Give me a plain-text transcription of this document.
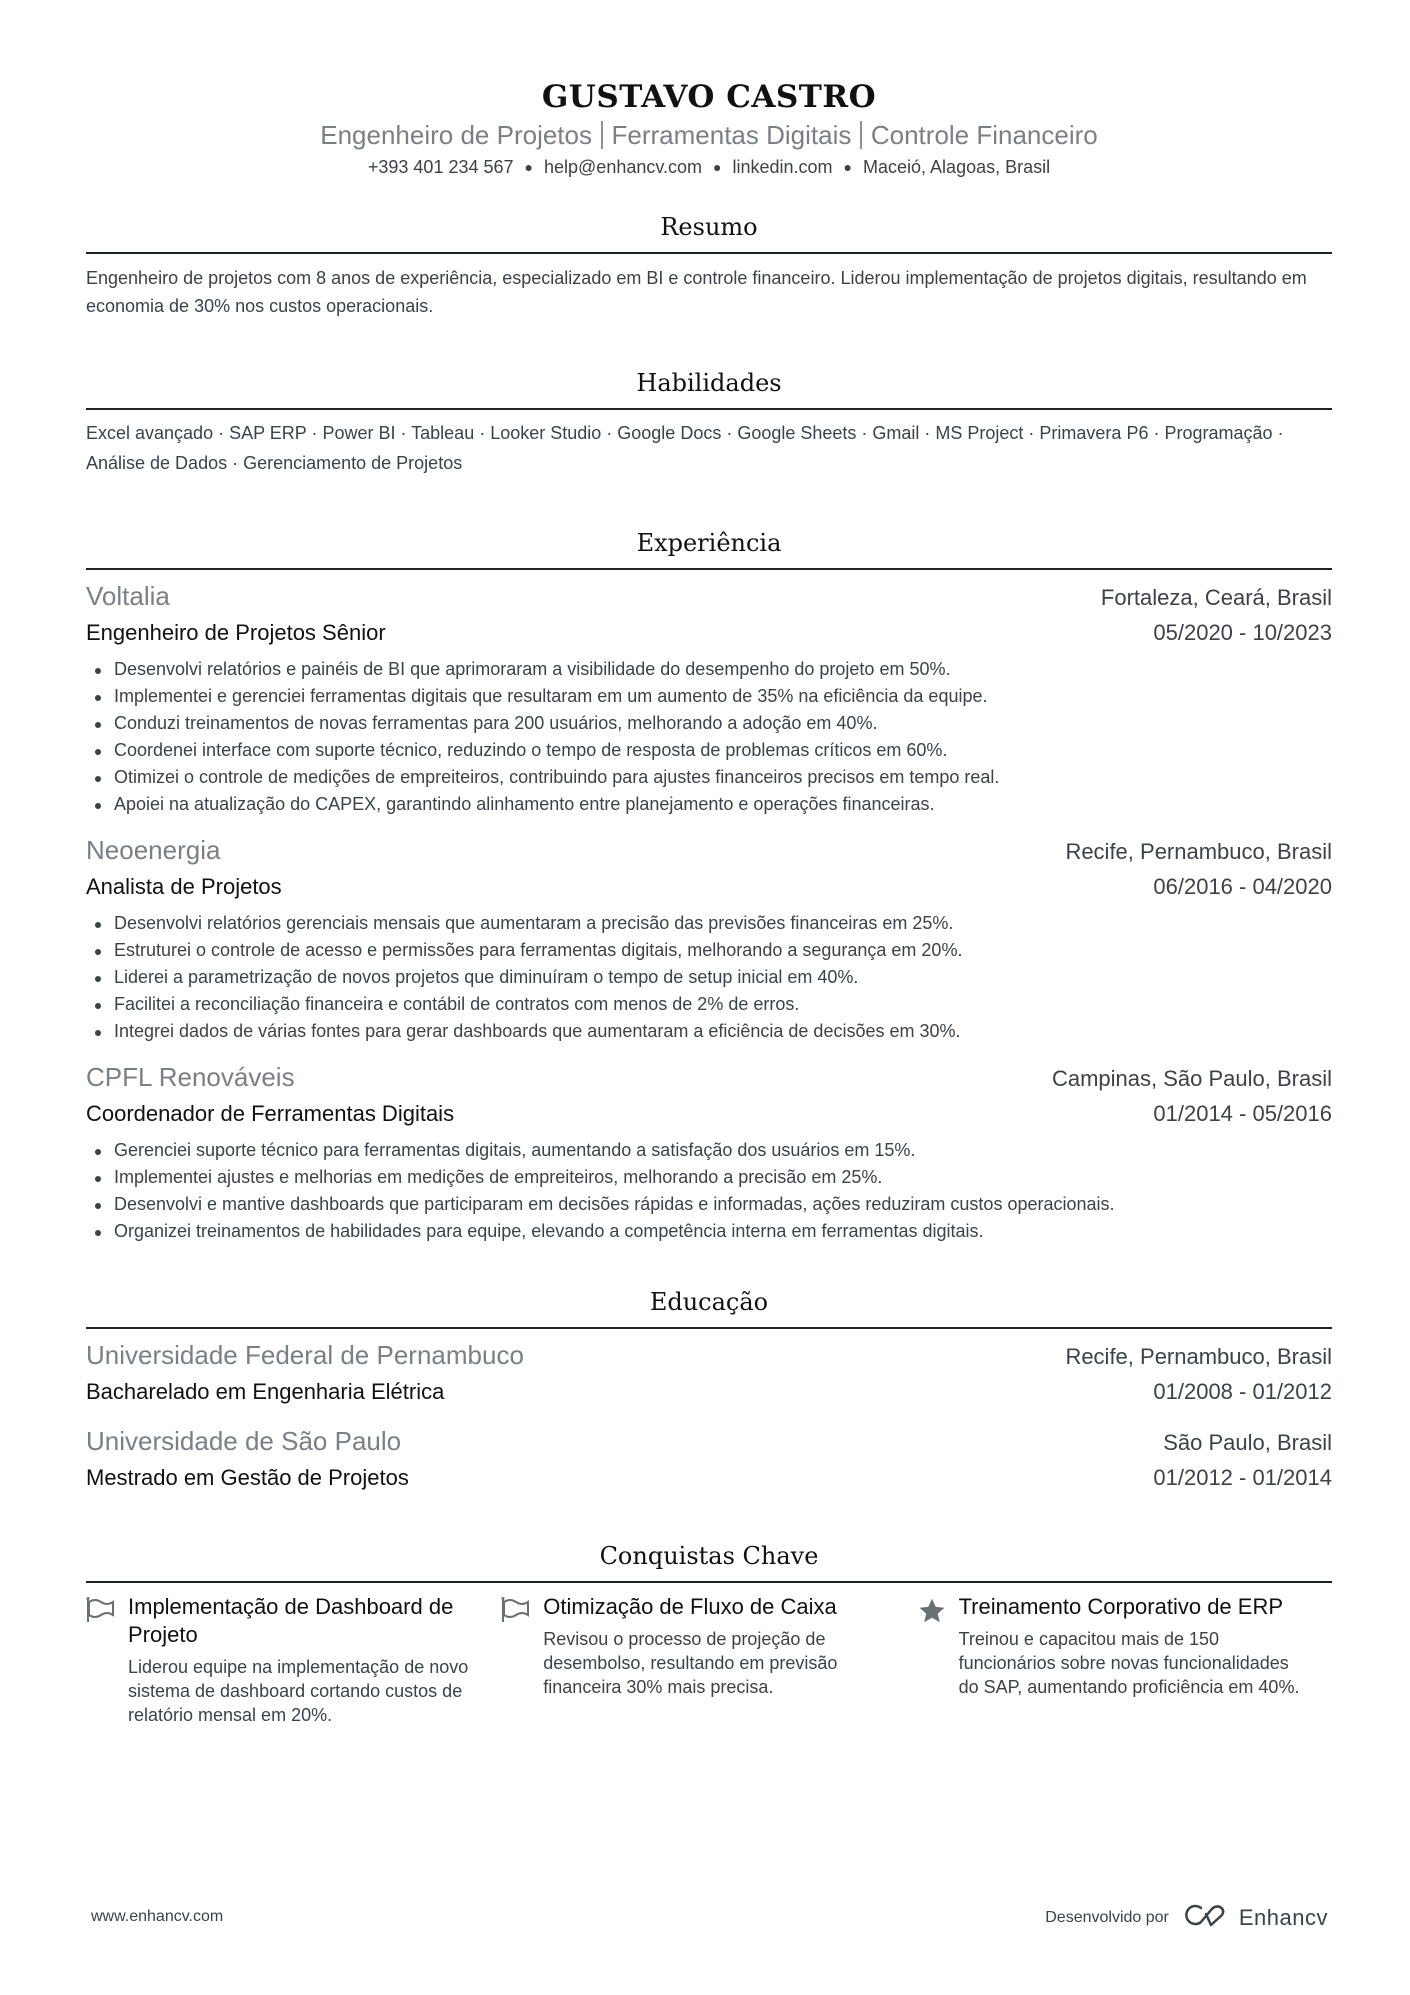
GUSTAVO CASTRO
Engenheiro de Projetos Ferramentas Digitais Controle Financeiro
+393 401 234 567 ● help@enhancv.com ● linkedin.com ● Maceió, Alagoas, Brasil
Resumo

Engenheiro de projetos com 8 anos de experiência, especializado em BI e controle financeiro. Liderou implementação de projetos digitais, resultando em economia de 30% nos custos operacionais.

Habilidades

Excel avançado · SAP ERP · Power BI · Tableau · Looker Studio · Google Docs · Google Sheets · Gmail · MS Project · Primavera P6 · Programação · Análise de Dados · Gerenciamento de Projetos

Experiência
Voltalia	Fortaleza, Ceará, Brasil
Engenheiro de Projetos Sênior	05/2020 - 10/2023
Desenvolvi relatórios e painéis de BI que aprimoraram a visibilidade do desempenho do projeto em 50%.
Implementei e gerenciei ferramentas digitais que resultaram em um aumento de 35% na eficiência da equipe.
Conduzi treinamentos de novas ferramentas para 200 usuários, melhorando a adoção em 40%.
Coordenei interface com suporte técnico, reduzindo o tempo de resposta de problemas críticos em 60%.
Otimizei o controle de medições de empreiteiros, contribuindo para ajustes financeiros precisos em tempo real.
Apoiei na atualização do CAPEX, garantindo alinhamento entre planejamento e operações financeiras.
Neoenergia	Recife, Pernambuco, Brasil
Analista de Projetos	06/2016 - 04/2020
Desenvolvi relatórios gerenciais mensais que aumentaram a precisão das previsões financeiras em 25%.
Estruturei o controle de acesso e permissões para ferramentas digitais, melhorando a segurança em 20%.
Liderei a parametrização de novos projetos que diminuíram o tempo de setup inicial em 40%.
Facilitei a reconciliação financeira e contábil de contratos com menos de 2% de erros.
Integrei dados de várias fontes para gerar dashboards que aumentaram a eficiência de decisões em 30%.
CPFL Renováveis	Campinas, São Paulo, Brasil
Coordenador de Ferramentas Digitais	01/2014 - 05/2016
Gerenciei suporte técnico para ferramentas digitais, aumentando a satisfação dos usuários em 15%.
Implementei ajustes e melhorias em medições de empreiteiros, melhorando a precisão em 25%.
Desenvolvi e mantive dashboards que participaram em decisões rápidas e informadas, ações reduziram custos operacionais.
Organizei treinamentos de habilidades para equipe, elevando a competência interna em ferramentas digitais.
Educação
Universidade Federal de Pernambuco	Recife, Pernambuco, Brasil
Bacharelado em Engenharia Elétrica	01/2008 - 01/2012
Universidade de São Paulo	São Paulo, Brasil
Mestrado em Gestão de Projetos	01/2012 - 01/2014
Conquistas Chave
Implementação de Dashboard de Projeto
Liderou equipe na implementação de novo sistema de dashboard cortando custos de relatório mensal em 20%.
Otimização de Fluxo de Caixa
Revisou o processo de projeção de desembolso, resultando em previsão financeira 30% mais precisa.
Treinamento Corporativo de ERP
Treinou e capacitou mais de 150 funcionários sobre novas funcionalidades do SAP, aumentando proficiência em 40%.
www.enhancv.com	Desenvolvido por	Enhancv
